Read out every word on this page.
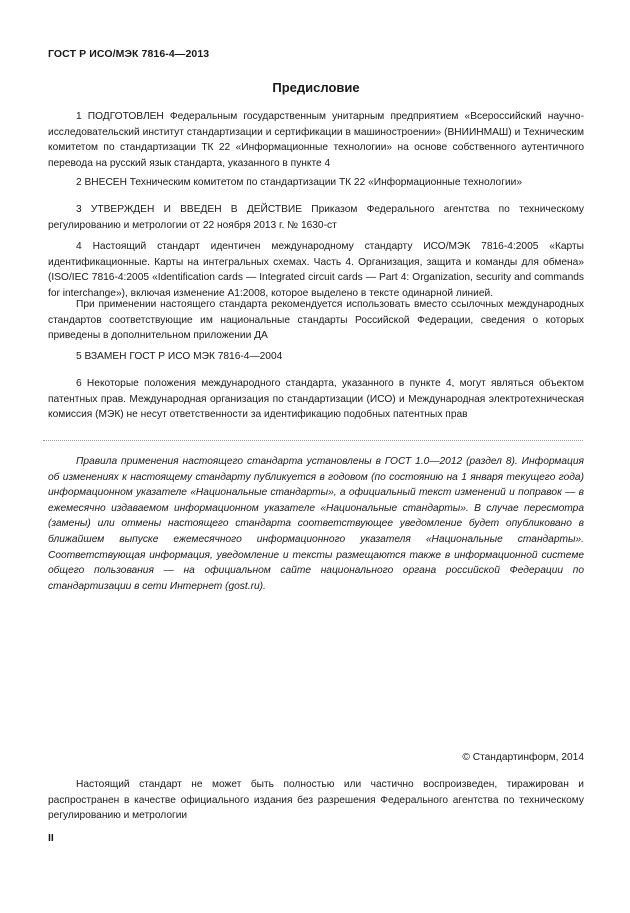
ГОСТ Р ИСО/МЭК 7816-4—2013
Предисловие

1 ПОДГОТОВЛЕН Федеральным государственным унитарным предприятием «Всероссийский научно-исследовательский институт стандартизации и сертификации в машиностроении» (ВНИИНМАШ) и Техническим комитетом по стандартизации ТК 22 «Информационные технологии» на основе собственного аутентичного перевода на русский язык стандарта, указанного в пункте 4

2 ВНЕСЕН Техническим комитетом по стандартизации ТК 22 «Информационные технологии»

3 УТВЕРЖДЕН И ВВЕДЕН В ДЕЙСТВИЕ Приказом Федерального агентства по техническому регулированию и метрологии от 22 ноября 2013 г. № 1630-ст

4 Настоящий стандарт идентичен международному стандарту ИСО/МЭК 7816-4:2005 «Карты идентификационные. Карты на интегральных схемах. Часть 4. Организация, защита и команды для обмена» (ISO/IEC 7816-4:2005 «Identification cards — Integrated circuit cards — Part 4: Organization, security and commands for interchange»), включая изменение A1:2008, которое выделено в тексте одинарной линией.

При применении настоящего стандарта рекомендуется использовать вместо ссылочных международных стандартов соответствующие им национальные стандарты Российской Федерации, сведения о которых приведены в дополнительном приложении ДА

5 ВЗАМЕН ГОСТ Р ИСО МЭК 7816-4—2004

6 Некоторые положения международного стандарта, указанного в пункте 4, могут являться объектом патентных прав. Международная организация по стандартизации (ИСО) и Международная электротехническая комиссия (МЭК) не несут ответственности за идентификацию подобных патентных прав

Правила применения настоящего стандарта установлены в ГОСТ 1.0—2012 (раздел 8). Информация об изменениях к настоящему стандарту публикуется в годовом (по состоянию на 1 января текущего года) информационном указателе «Национальные стандарты», а официальный текст изменений и поправок — в ежемесячно издаваемом информационном указателе «Национальные стандарты». В случае пересмотра (замены) или отмены настоящего стандарта соответствующее уведомление будет опубликовано в ближайшем выпуске ежемесячного информационного указателя «Национальные стандарты». Соответствующая информация, уведомление и тексты размещаются также в информационной системе общего пользования — на официальном сайте национального органа российской Федерации по стандартизации в сети Интернет (gost.ru).

© Стандартинформ, 2014

Настоящий стандарт не может быть полностью или частично воспроизведен, тиражирован и распространен в качестве официального издания без разрешения Федерального агентства по техническому регулированию и метрологии

II
